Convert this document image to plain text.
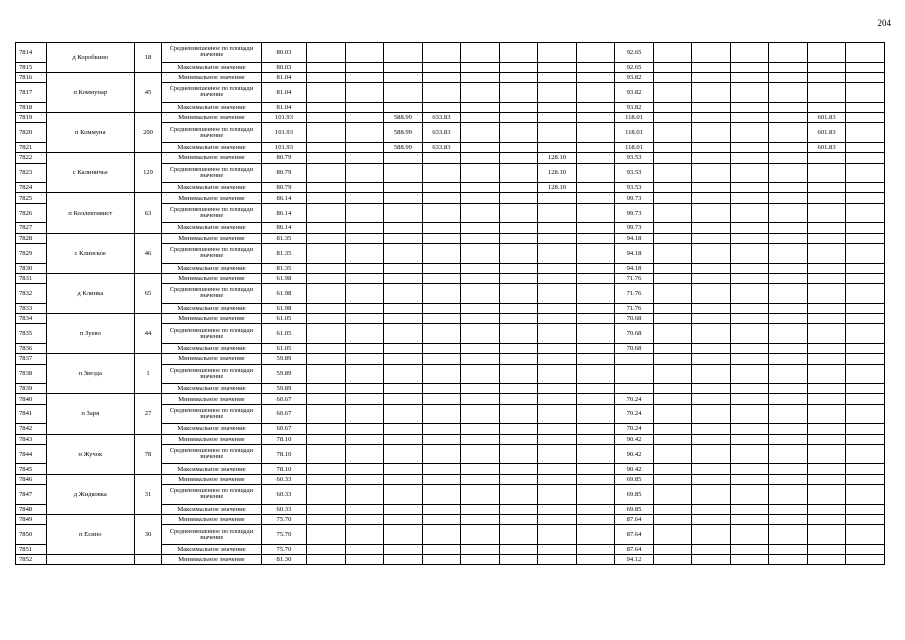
204
7814	д Коробкино	18	Средневзвешенное по площади значение	80.03									92.65						
7815			Максимальное значение	80.03									92.65						
7816	п Коммунар	45	Минимальное значение	81.04									93.82						
7817			Средневзвешенное по площади значение	81.04									93.82						
7818			Максимальное значение	81.04									93.82						
7819	п Коммуна	200	Минимальное значение	101.93			588.99	633.83					118.01					601.83	
7820			Средневзвешенное по площади значение	101.93			588.99	633.83					118.01					601.83	
7821			Максимальное значение	101.93			588.99	633.83					118.01					601.83	
7822	с Калиничье	129	Минимальное значение	80.79							128.10		93.53						
7823			Средневзвешенное по площади значение	80.79							128.10		93.53						
7824			Максимальное значение	80.79							128.10		93.53						
7825	п Коллективист	63	Минимальное значение	86.14									99.73						
7826			Средневзвешенное по площади значение	86.14									99.73						
7827			Максимальное значение	86.14									99.73						
7828	с Клинское	46	Минимальное значение	81.35									94.18						
7829			Средневзвешенное по площади значение	81.35									94.18						
7830			Максимальное значение	81.35									94.18						
7831	д Клинка	65	Минимальное значение	61.98									71.76						
7832			Средневзвешенное по площади значение	61.98									71.76						
7833			Максимальное значение	61.98									71.76						
7834	п Зуево	44	Минимальное значение	61.05									70.68						
7835			Средневзвешенное по площади значение	61.05									70.68						
7836			Максимальное значение	61.05									70.68						
7837	п Звезда	1	Минимальное значение	59.89															
7838			Средневзвешенное по площади значение	59.89															
7839			Максимальное значение	59.89															
7840	п Заря	27	Минимальное значение	60.67									70.24						
7841			Средневзвешенное по площади значение	60.67									70.24						
7842			Максимальное значение	60.67									70.24						
7843	п Жучок	78	Минимальное значение	78.10									90.42						
7844			Средневзвешенное по площади значение	78.10									90.42						
7845			Максимальное значение	78.10									90.42						
7846	д Жидковка	31	Минимальное значение	60.33									69.85						
7847			Средневзвешенное по площади значение	60.33									69.85						
7848			Максимальное значение	60.33									69.85						
7849	п Есино	30	Минимальное значение	75.70									87.64						
7850			Средневзвешенное по площади значение	75.70									87.64						
7851			Максимальное значение	75.70									87.64						
7852			Минимальное значение	81.30									94.12						
